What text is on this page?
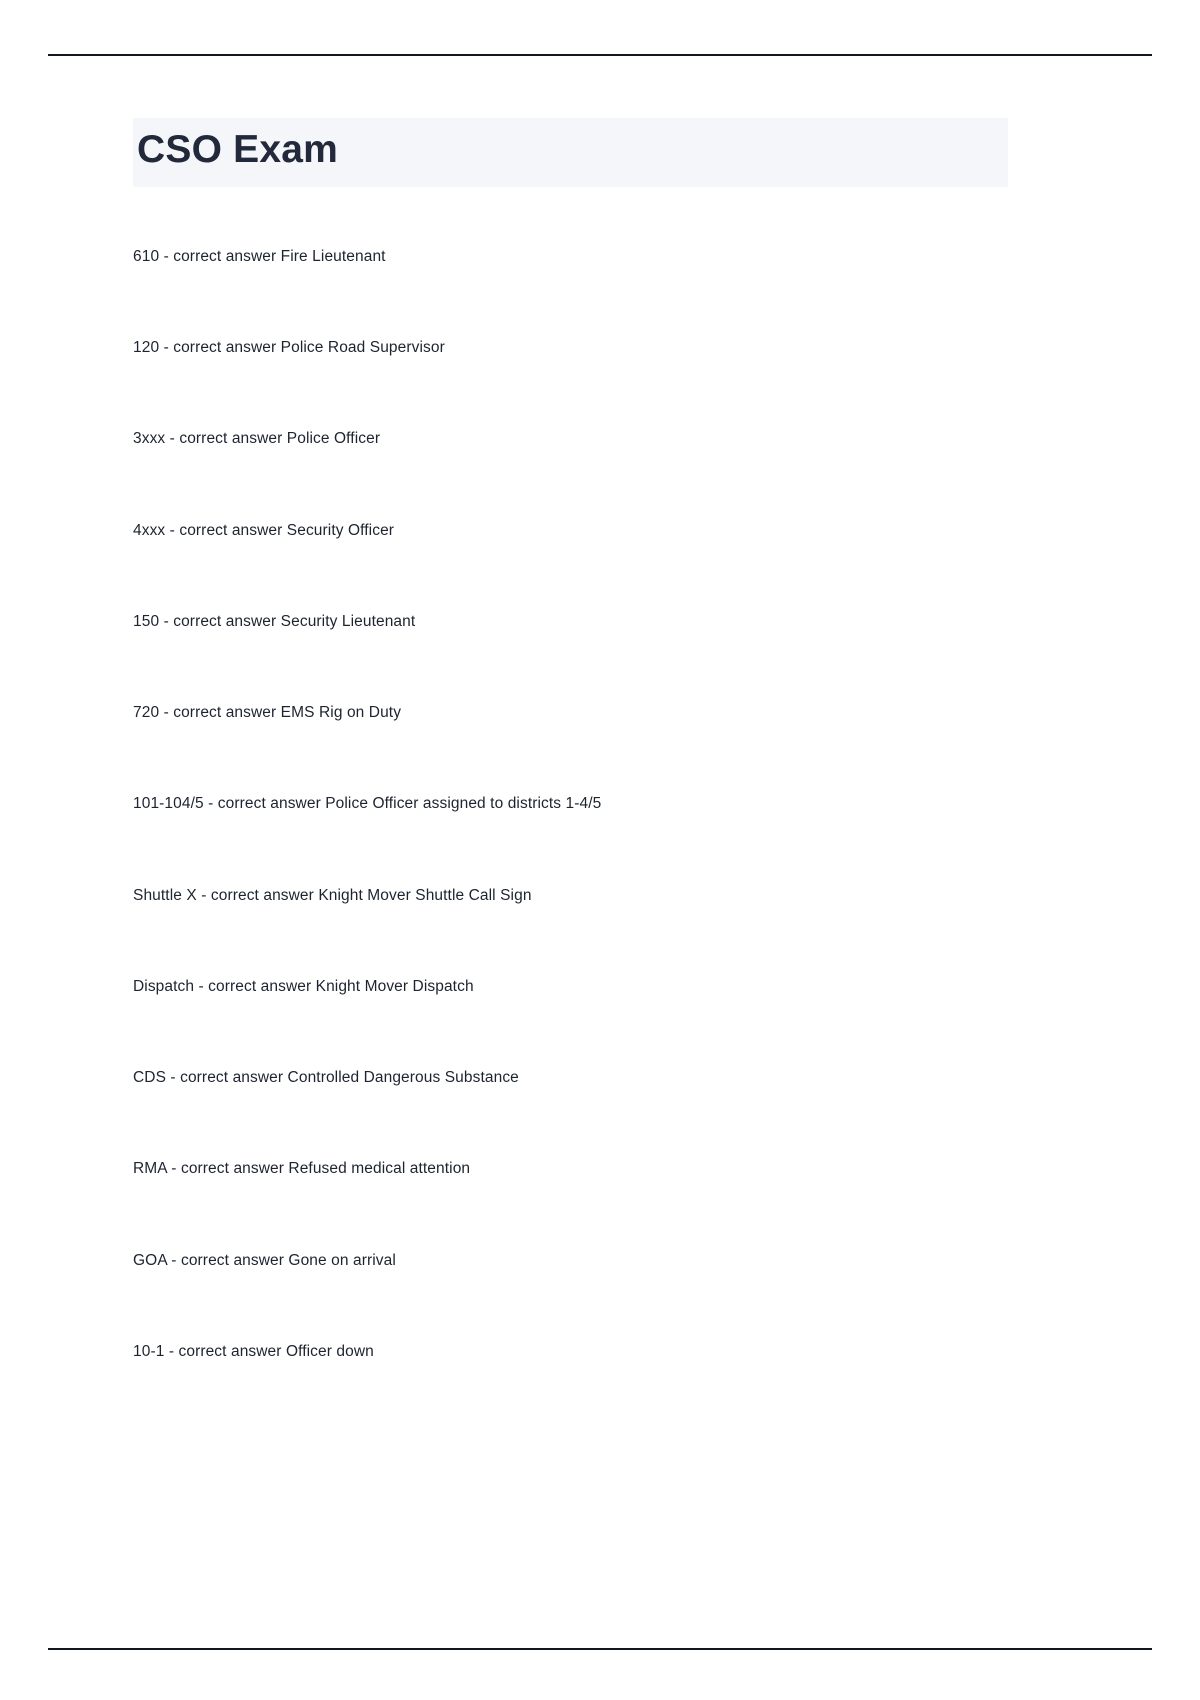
CSO Exam

610 - correct answer Fire Lieutenant

120 - correct answer Police Road Supervisor

3xxx - correct answer Police Officer

4xxx - correct answer Security Officer

150 - correct answer Security Lieutenant

720 - correct answer EMS Rig on Duty

101-104/5 - correct answer Police Officer assigned to districts 1-4/5

Shuttle X - correct answer Knight Mover Shuttle Call Sign

Dispatch - correct answer Knight Mover Dispatch

CDS - correct answer Controlled Dangerous Substance

RMA - correct answer Refused medical attention

GOA - correct answer Gone on arrival

10-1 - correct answer Officer down
